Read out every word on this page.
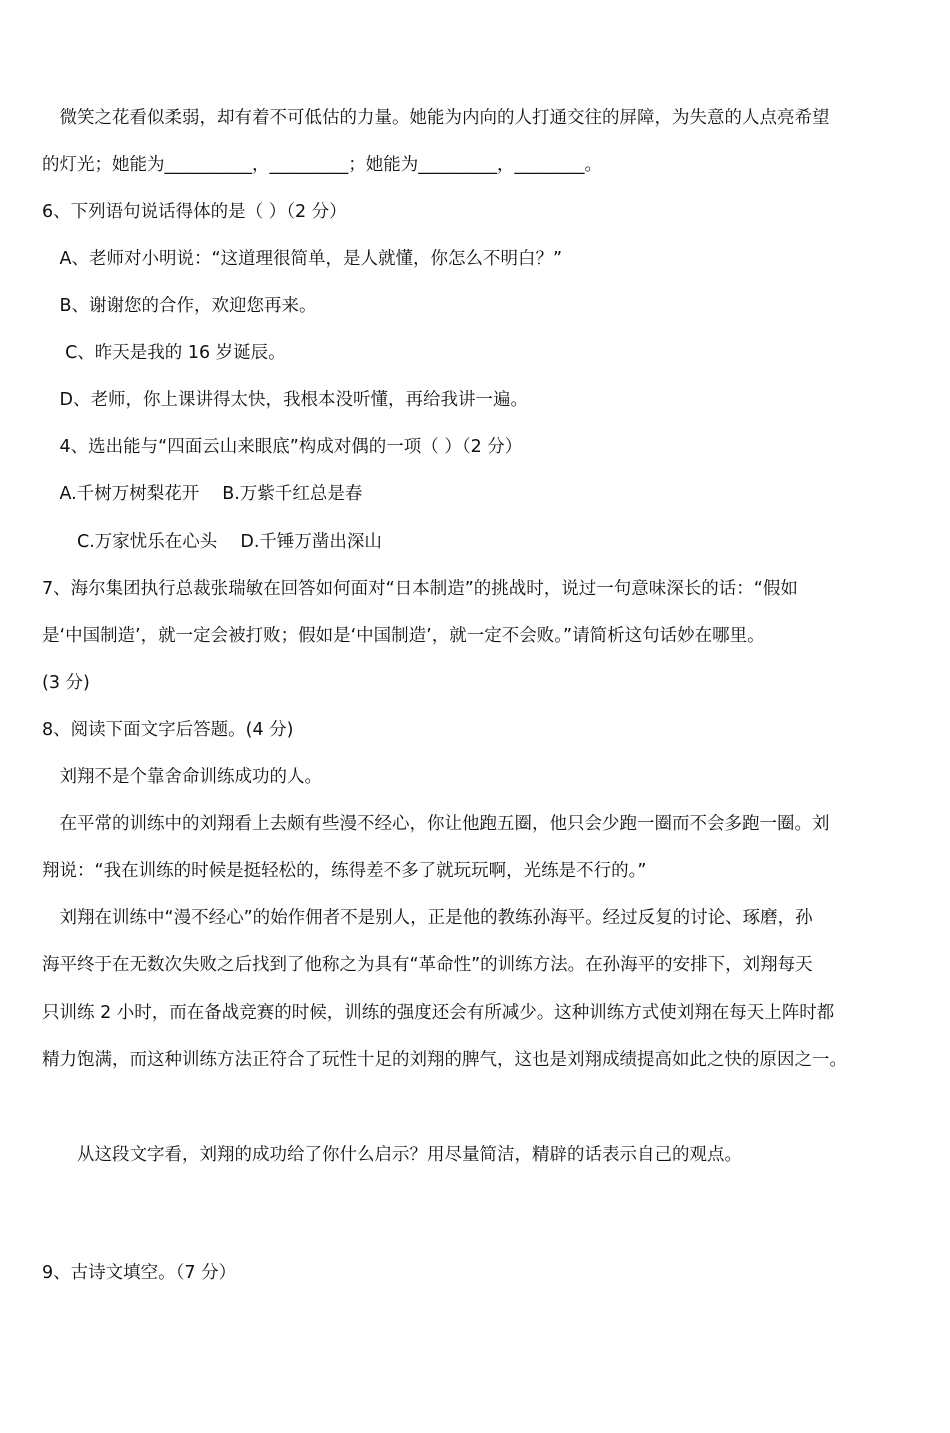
　微笑之花看似柔弱，却有着不可低估的力量。她能为内向的人打通交往的屏障，为失意的人点亮希望

的灯光；她能为__________，_________；她能为_________，________。

6、下列语句说话得体的是（ ）（2 分）

　A、老师对小明说：“这道理很简单，是人就懂，你怎么不明白？”

　B、谢谢您的合作，欢迎您再来。

　 C、昨天是我的 16 岁诞辰。

　D、老师，你上课讲得太快，我根本没听懂，再给我讲一遍。

　4、选出能与“四面云山来眼底”构成对偶的一项（ ）（2 分）

　A.千树万树梨花开　 B.万紫千红总是春

　　C.万家忧乐在心头　 D.千锤万凿出深山

7、海尔集团执行总裁张瑞敏在回答如何面对“日本制造”的挑战时，说过一句意味深长的话：“假如

是‘中国制造’，就一定会被打败；假如是‘中国制造’，就一定不会败。”请简析这句话妙在哪里。

(3 分)

8、阅读下面文字后答题。(4 分)

　刘翔不是个靠舍命训练成功的人。

　在平常的训练中的刘翔看上去颇有些漫不经心，你让他跑五圈，他只会少跑一圈而不会多跑一圈。刘

翔说：“我在训练的时候是挺轻松的，练得差不多了就玩玩啊，光练是不行的。”

　刘翔在训练中“漫不经心”的始作佣者不是别人，正是他的教练孙海平。经过反复的讨论、琢磨，孙

海平终于在无数次失败之后找到了他称之为具有“革命性”的训练方法。在孙海平的安排下，刘翔每天

只训练 2 小时，而在备战竞赛的时候，训练的强度还会有所减少。这种训练方式使刘翔在每天上阵时都

精力饱满，而这种训练方法正符合了玩性十足的刘翔的脾气，这也是刘翔成绩提高如此之快的原因之一。

　　从这段文字看，刘翔的成功给了你什么启示？用尽量简洁，精辟的话表示自己的观点。

9、古诗文填空。（7 分）
